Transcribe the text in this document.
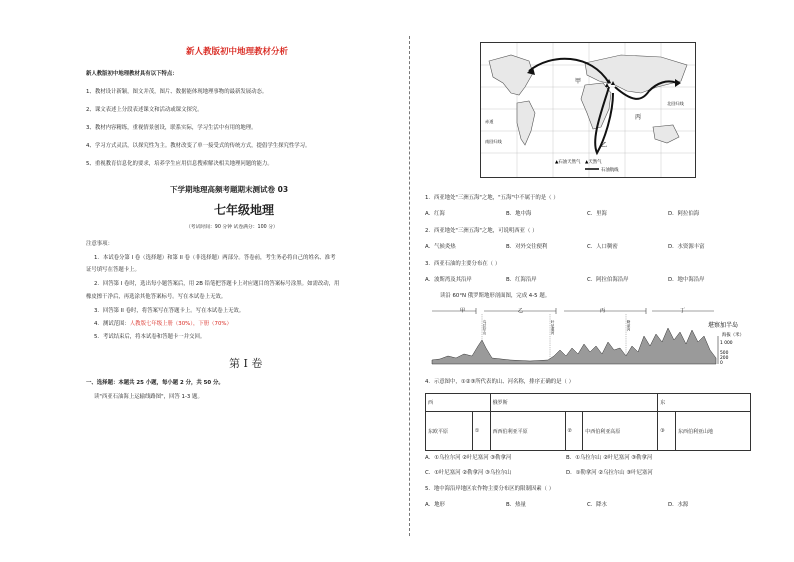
新人教版初中地理教材分析
新人教版初中地理教材具有以下特点：
1、教材设计新颖，图文并茂，图片、数据能体现地理事物的最新发展动态。
2、课文表述上分段表述课文和活动或课文探究。
3、教材内容精练，重视情景创设，联系实际，学习生活中有用的地理。
4、学习方式灵活，以探究性为主。教材改变了单一接受式的传统方式，提倡学生探究性学习。
5、重视教育信息化的要求，培养学生应用信息搜索解决相关地理问题的能力。
下学期地理高频考题期末测试卷 03
七年级地理
（考试时间：90 分钟 试卷满分：100 分）
注意事项：
1．本试卷分第 I 卷（选择题）和第 II 卷（非选择题）两部分。答卷前，考生务必将自己的姓名、准考
证号填写在答题卡上。
2．回答第 I 卷时，选出每小题答案后，用 2B 铅笔把答题卡上对应题目的答案标号涂黑。如需改动，用
橡皮擦干净后，再选涂其他答案标号。写在本试卷上无效。
3．回答第 II 卷时，将答案写在答题卡上。写在本试卷上无效。
4．测试范围：人教版七年级上册（30%），下册（70%）
5．考试结束后，将本试卷和答题卡一并交回。
第 I 卷
一、选择题：本题共 25 小题，每小题 2 分，共 50 分。
读"西亚石油海上运输线路图"，回答 1-3 题。
甲
乙
丙
赤道
南回归线
北回归线
▲石油天然气 ▲天然气
石油航线
1．西亚地处"三洲五海"之地，"五海"中不属于的是（ ）
A．红海	B．地中海	C．里海	D．阿拉伯海
2．西亚地处"三洲五海"之地，可说明西亚（ ）
A．气候炎热	B．对外交往便利	C．人口稠密	D．水资源丰富
3．西亚石油的主要分布在（ ）
A．波斯湾及其沿岸	B．红海沿岸	C．阿拉伯海沿岸	D．地中海沿岸
读沿 60°N 俄罗斯地形剖面图，完成 4-5 题。
甲	乙	丙	丁
堪察加半岛
海拔（米）
1 000
500
200
0
乌拉尔山	叶尼塞河	勒拿河
4．示意图中，①②③所代表的山、河名称，排序正确的是（ ）
西		俄罗斯			东	
东欧平原	①	西西伯利亚平原	②	中西伯利亚高原	③	东西伯利亚山地
A．①乌拉尔河 ②叶尼塞河 ③勒拿河	B．①乌拉尔山 ②叶尼塞河 ③勒拿河
C．①叶尼塞河 ②勒拿河 ③乌拉尔山	D．①勒拿河 ②乌拉尔山 ③叶尼塞河
5．地中海沿岸地区农作物主要分布区的限制因素（ ）
A．地形	B．热量	C．降水	D．水源
